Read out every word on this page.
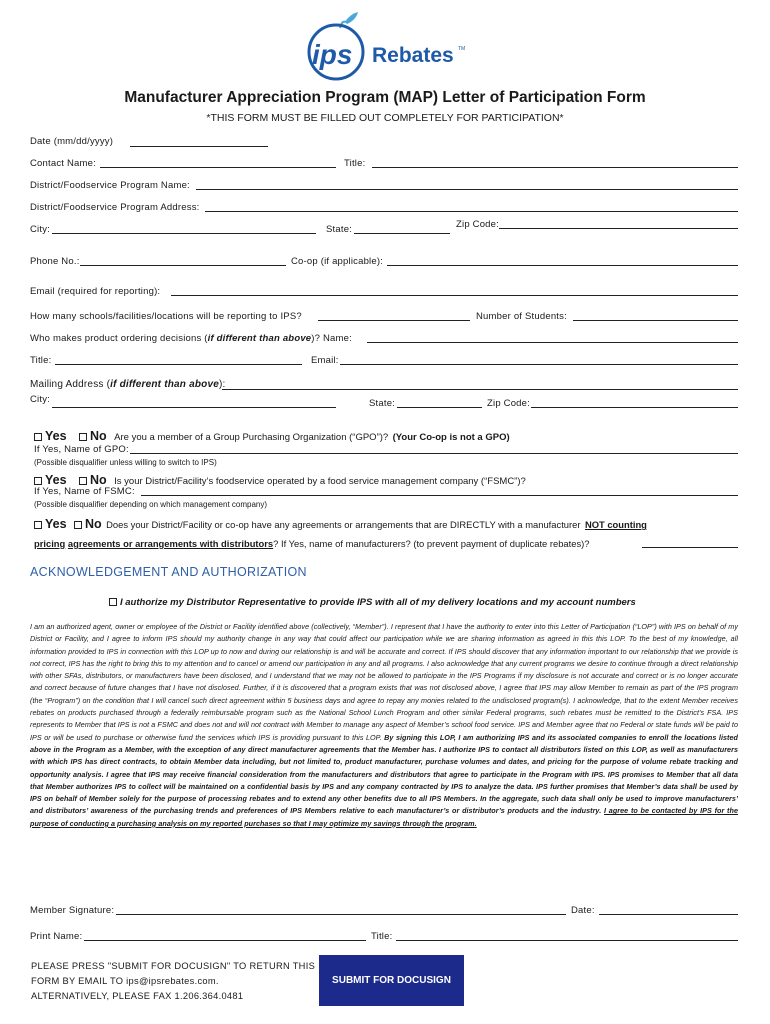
ips Rebates TM
Manufacturer Appreciation Program (MAP) Letter of Participation Form
*THIS FORM MUST BE FILLED OUT COMPLETELY FOR PARTICIPATION*
Date (mm/dd/yyyy)
Contact Name:	Title:
District/Foodservice Program Name:
District/Foodservice Program Address:
City:	State:	Zip Code:
Phone No.:	Co-op (if applicable):
Email (required for reporting):
How many schools/facilities/locations will be reporting to IPS?	Number of Students:
Who makes product ordering decisions (if different than above)? Name:
Title:	Email:
Mailing Address (if different than above):
City:	State:	Zip Code:
Yes No Are you a member of a Group Purchasing Organization (“GPO”)? (Your Co-op is not a GPO)
If Yes, Name of GPO:
(Possible disqualifier unless willing to switch to IPS)
Yes No Is your District/Facility’s foodservice operated by a food service management company (“FSMC”)?
If Yes, Name of FSMC:
(Possible disqualifier depending on which management company)
Yes No Does your District/Facility or co-op have any agreements or arrangements that are DIRECTLY with a manufacturer NOT counting
pricing agreements or arrangements with distributors? If Yes, name of manufacturers? (to prevent payment of duplicate rebates)?
ACKNOWLEDGEMENT AND AUTHORIZATION
I authorize my Distributor Representative to provide IPS with all of my delivery locations and my account numbers
I am an authorized agent, owner or employee of the District or Facility identified above (collectively, “Member”). I represent that I have the authority to enter into this Letter of Participation (“LOP”) with IPS on behalf of my District or Facility, and I agree to inform IPS should my authority change in any way that could affect our participation while we are sharing information as agreed in this this LOP. To the best of my knowledge, all information provided to IPS in connection with this LOP up to now and during our relationship is and will be accurate and correct. If IPS should discover that any information important to our relationship that we provide is not correct, IPS has the right to bring this to my attention and to cancel or amend our participation in any and all programs. I also acknowledge that any current programs we desire to continue through a direct relationship with other SFAs, distributors, or manufacturers have been disclosed, and I understand that we may not be allowed to participate in the IPS Programs if my disclosure is not accurate and correct or is no longer accurate and correct because of future changes that I have not disclosed. Further, if it is discovered that a program exists that was not disclosed above, I agree that IPS may allow Member to remain as part of the IPS program (the “Program”) on the condition that I will cancel such direct agreement within 5 business days and agree to repay any monies related to the undisclosed program(s). I acknowledge, that to the extent Member receives rebates on products purchased through a federally reimbursable program such as the National School Lunch Program and other similar Federal programs, such rebates must be remitted to the District’s FSA. IPS represents to Member that IPS is not a FSMC and does not and will not contract with Member to manage any aspect of Member’s school food service. IPS and Member agree that no Federal or state funds will be paid to IPS or will be used to purchase or otherwise fund the services which IPS is providing pursuant to this LOP. By signing this LOP, I am authorizing IPS and its associated companies to enroll the locations listed above in the Program as a Member, with the exception of any direct manufacturer agreements that the Member has. I authorize IPS to contact all distributors listed on this LOP, as well as manufacturers with which IPS has direct contracts, to obtain Member data including, but not limited to, product manufacturer, purchase volumes and dates, and pricing for the purpose of volume rebate tracking and opportunity analysis. I agree that IPS may receive financial consideration from the manufacturers and distributors that agree to participate in the Program with IPS. IPS promises to Member that all data that Member authorizes IPS to collect will be maintained on a confidential basis by IPS and any company contracted by IPS to analyze the data. IPS further promises that Member’s data shall be used by IPS on behalf of Member solely for the purpose of processing rebates and to extend any other benefits due to all IPS Members. In the aggregate, such data shall only be used to improve manufacturers’ and distributors’ awareness of the purchasing trends and preferences of IPS Members relative to each manufacturer’s or distributor’s products and the industry. I agree to be contacted by IPS for the purpose of conducting a purchasing analysis on my reported purchases so that I may optimize my savings through the program.
Member Signature:	Date:
Print Name:	Title:
PLEASE PRESS "SUBMIT FOR DOCUSIGN" TO RETURN THIS
FORM BY EMAIL TO ips@ipsrebates.com.
ALTERNATIVELY, PLEASE FAX 1.206.364.0481
SUBMIT FOR DOCUSIGN
